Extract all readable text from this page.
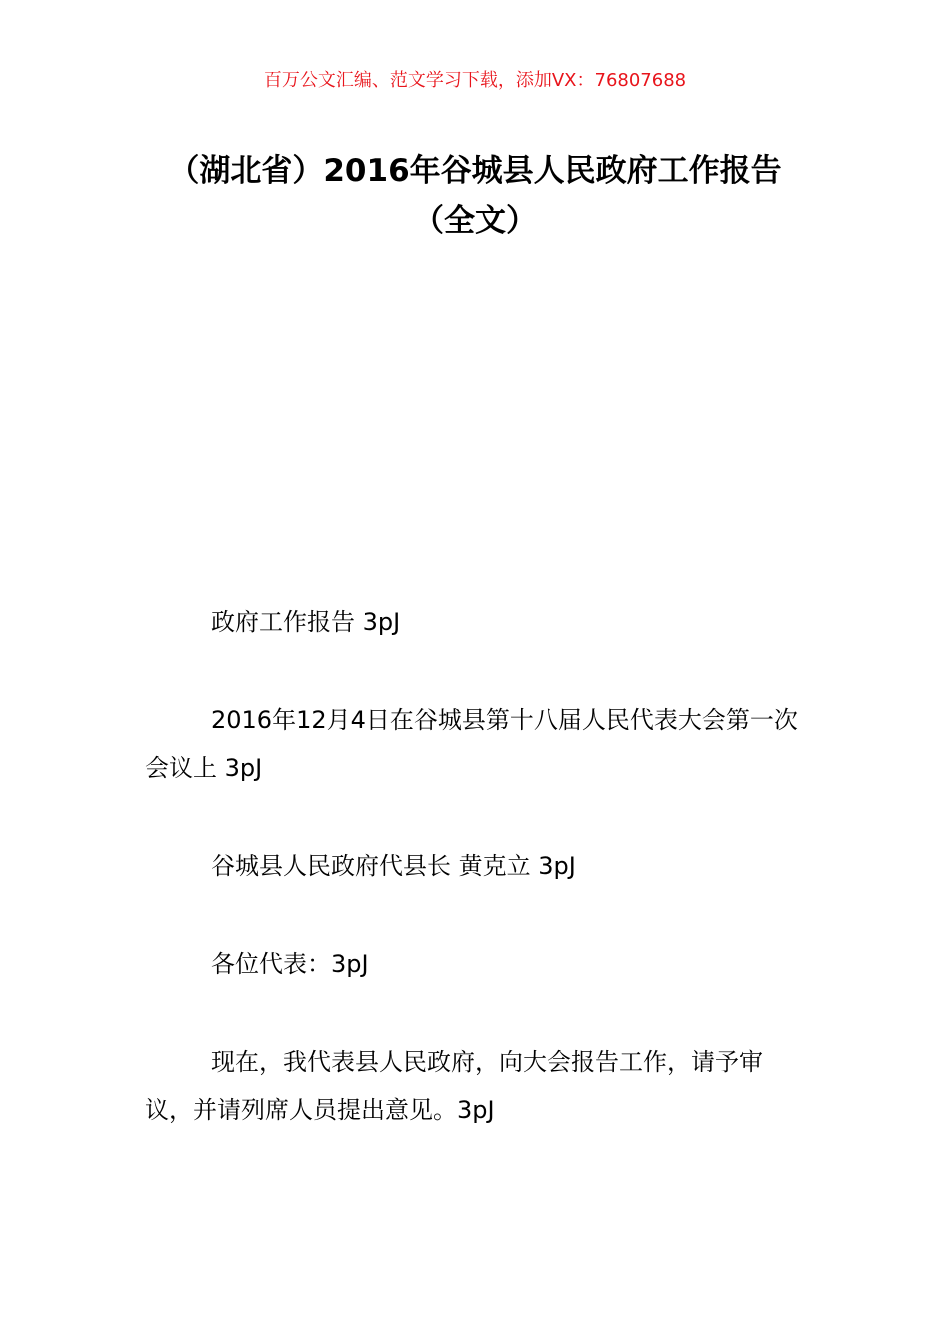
百万公文汇编、范文学习下载，添加VX：76807688
（湖北省）2016年谷城县人民政府工作报告（全文）

政府工作报告 3pJ

2016年12月4日在谷城县第十八届人民代表大会第一次会议上 3pJ

谷城县人民政府代县长 黄克立 3pJ

各位代表：3pJ

现在，我代表县人民政府，向大会报告工作，请予审议，并请列席人员提出意见。3pJ
